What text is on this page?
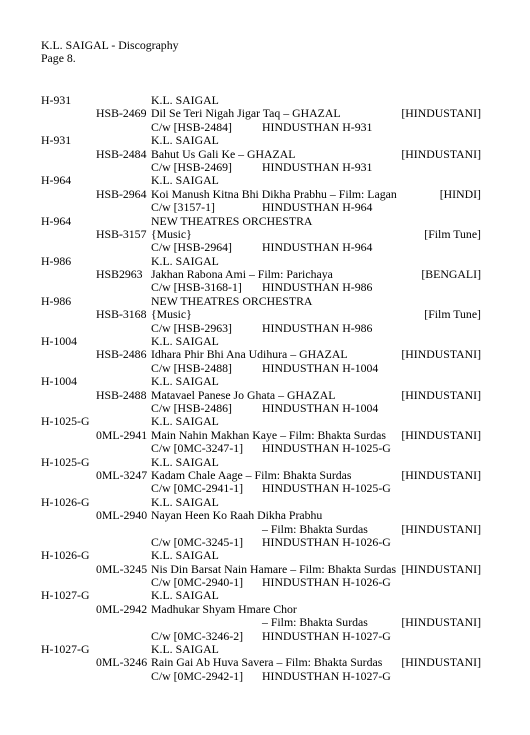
K.L. SAIGAL - Discography
Page 8.
H-931	K.L. SAIGAL
HSB-2469 Dil Se Teri Nigah Jigar Taq – GHAZAL	[HINDUSTANI]
C/w [HSB-2484]	HINDUSTHAN H-931
H-931	K.L. SAIGAL
HSB-2484 Bahut Us Gali Ke – GHAZAL	[HINDUSTANI]
C/w [HSB-2469]	HINDUSTHAN H-931
H-964	K.L. SAIGAL
HSB-2964 Koi Manush Kitna Bhi Dikha Prabhu – Film: Lagan	[HINDI]
C/w [3157-1]	HINDUSTHAN H-964
H-964	NEW THEATRES ORCHESTRA
HSB-3157 {Music}	[Film Tune]
C/w [HSB-2964]	HINDUSTHAN H-964
H-986	K.L. SAIGAL
HSB2963 Jakhan Rabona Ami – Film: Parichaya	[BENGALI]
C/w [HSB-3168-1] HINDUSTHAN H-986
H-986	NEW THEATRES ORCHESTRA
HSB-3168 {Music}	[Film Tune]
C/w [HSB-2963]	HINDUSTHAN H-986
H-1004	K.L. SAIGAL
HSB-2486 Idhara Phir Bhi Ana Udihura – GHAZAL	[HINDUSTANI]
C/w [HSB-2488]	HINDUSTHAN H-1004
H-1004	K.L. SAIGAL
HSB-2488 Matavael Panese Jo Ghata – GHAZAL	[HINDUSTANI]
C/w [HSB-2486]	HINDUSTHAN H-1004
H-1025-G	K.L. SAIGAL
0ML-2941 Main Nahin Makhan Kaye – Film: Bhakta Surdas [HINDUSTANI]
C/w [0MC-3247-1] HINDUSTHAN H-1025-G
H-1025-G	K.L. SAIGAL
0ML-3247 Kadam Chale Aage – Film: Bhakta Surdas	[HINDUSTANI]
C/w [0MC-2941-1] HINDUSTHAN H-1025-G
H-1026-G	K.L. SAIGAL
0ML-2940 Nayan Heen Ko Raah Dikha Prabhu
– Film: Bhakta Surdas	[HINDUSTANI]
C/w [0MC-3245-1] HINDUSTHAN H-1026-G
H-1026-G	K.L. SAIGAL
0ML-3245 Nis Din Barsat Nain Hamare – Film: Bhakta Surdas [HINDUSTANI]
C/w [0MC-2940-1] HINDUSTHAN H-1026-G
H-1027-G	K.L. SAIGAL
0ML-2942 Madhukar Shyam Hmare Chor
– Film: Bhakta Surdas	[HINDUSTANI]
C/w [0MC-3246-2] HINDUSTHAN H-1027-G
H-1027-G	K.L. SAIGAL
0ML-3246 Rain Gai Ab Huva Savera – Film: Bhakta Surdas [HINDUSTANI]
C/w [0MC-2942-1] HINDUSTHAN H-1027-G
